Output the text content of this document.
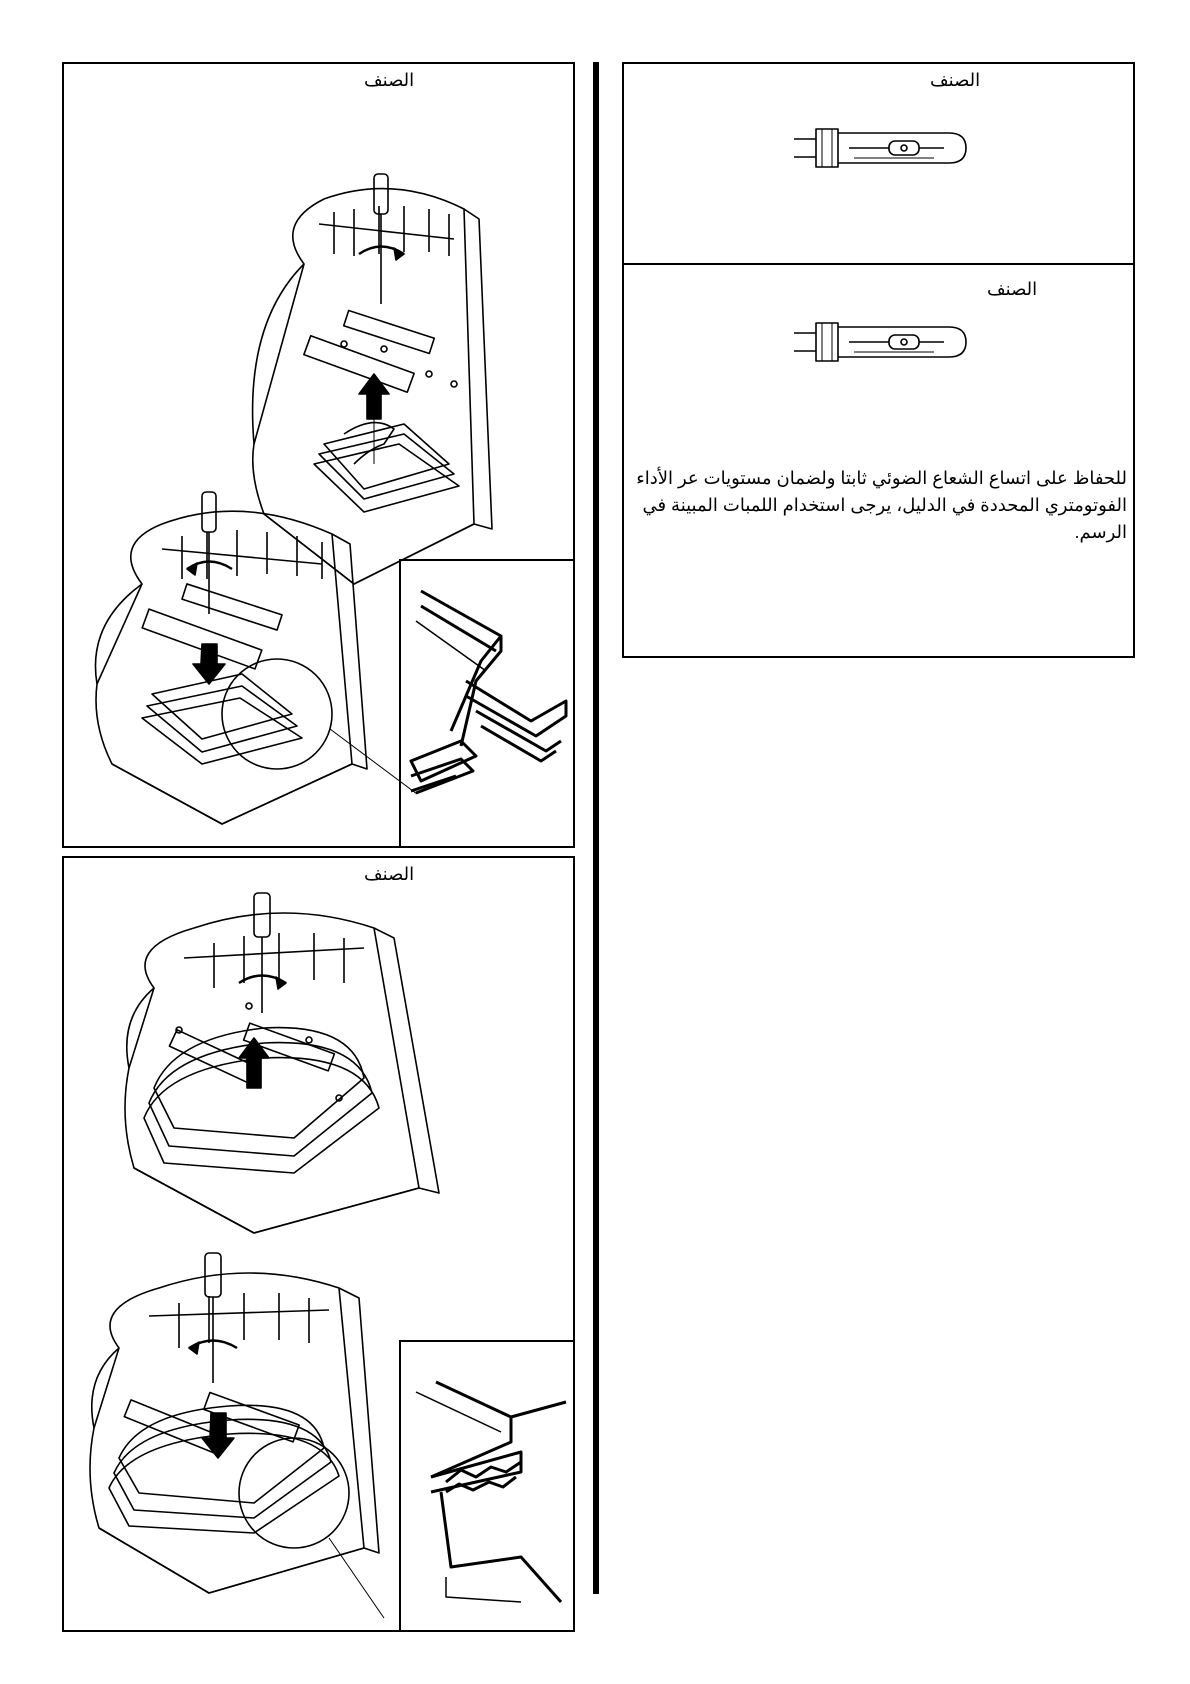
الصنف
الصنف
الصنف
الصنف

للحفاظ على اتساع الشعاع الضوئي ثابتا ولضمان مستويات عر الأداء الفوتومتري المحددة في الدليل، يرجى استخدام اللمبات المبينة في الرسم.
